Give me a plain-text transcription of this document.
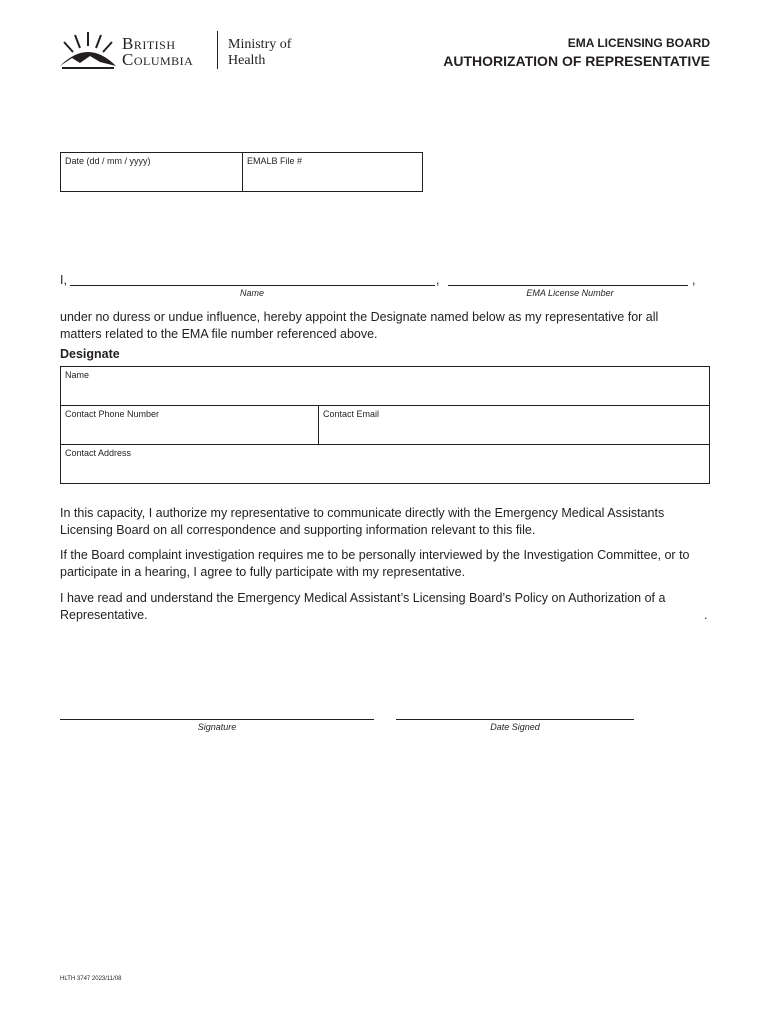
British
Columbia
Ministry of
Health
EMA LICENSING BOARD
AUTHORIZATION OF REPRESENTATIVE
Date (dd / mm / yyyy)	EMALB File #
I,	,	,
Name	EMA License Number
under no duress or undue influence, hereby appoint the Designate named below as my representative for all matters related to the EMA file number referenced above.
Designate
Name
Contact Phone Number	Contact Email
Contact Address
In this capacity, I authorize my representative to communicate directly with the Emergency Medical Assistants Licensing Board on all correspondence and supporting information relevant to this file.
If the Board complaint investigation requires me to be personally interviewed by the Investigation Committee, or to participate in a hearing, I agree to fully participate with my representative.
I have read and understand the Emergency Medical Assistant’s Licensing Board’s Policy on Authorization of a Representative.	.
Signature	Date Signed
HLTH 3747 2023/11/08
